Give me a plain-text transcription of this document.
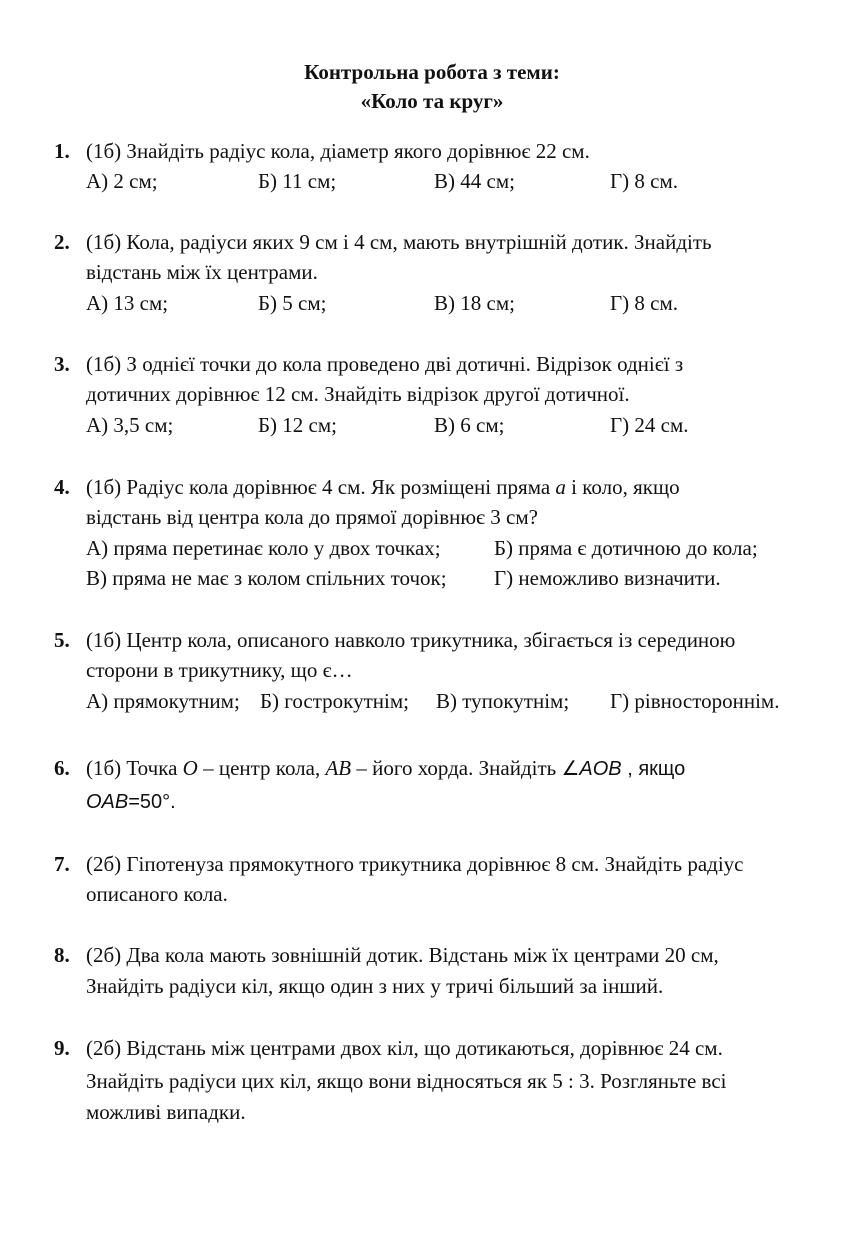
Контрольна робота з теми:
«Коло та круг»
1. (1б) Знайдіть радіус кола, діаметр якого дорівнює 22 см.
А) 2 см;	Б) 11 см;	В) 44 см;	Г) 8 см.
2. (1б) Кола, радіуси яких 9 см і 4 см, мають внутрішній дотик. Знайдіть
відстань між їх центрами.
А) 13 см;	Б) 5 см;	В) 18 см;	Г) 8 см.
3. (1б) З однієї точки до кола проведено дві дотичні. Відрізок однієї з
дотичних дорівнює 12 см. Знайдіть відрізок другої дотичної.
А) 3,5 см;	Б) 12 см;	В) 6 см;	Г) 24 см.
4. (1б) Радіус кола дорівнює 4 см. Як розміщені пряма a і коло, якщо
відстань від центра кола до прямої дорівнює 3 см?
А) пряма перетинає коло у двох точках;	Б) пряма є дотичною до кола;
В) пряма не має з колом спільних точок; Г) неможливо визначити.
5. (1б) Центр кола, описаного навколо трикутника, збігається із серединою
сторони в трикутнику, що є…
А) прямокутним; Б) гострокутнім; В) тупокутнім; Г) рівностороннім.
6. (1б) Точка O – центр кола, AB – його хорда. Знайдіть ∠AOB , якщо
OAB=50°.
7. (2б) Гіпотенуза прямокутного трикутника дорівнює 8 см. Знайдіть радіус
описаного кола.
8. (2б) Два кола мають зовнішній дотик. Відстань між їх центрами 20 см,
Знайдіть радіуси кіл, якщо один з них у тричі більший за інший.
9. (2б) Відстань між центрами двох кіл, що дотикаються, дорівнює 24 см.
Знайдіть радіуси цих кіл, якщо вони відносяться як 5 : 3. Розгляньте всі
можливі випадки.
